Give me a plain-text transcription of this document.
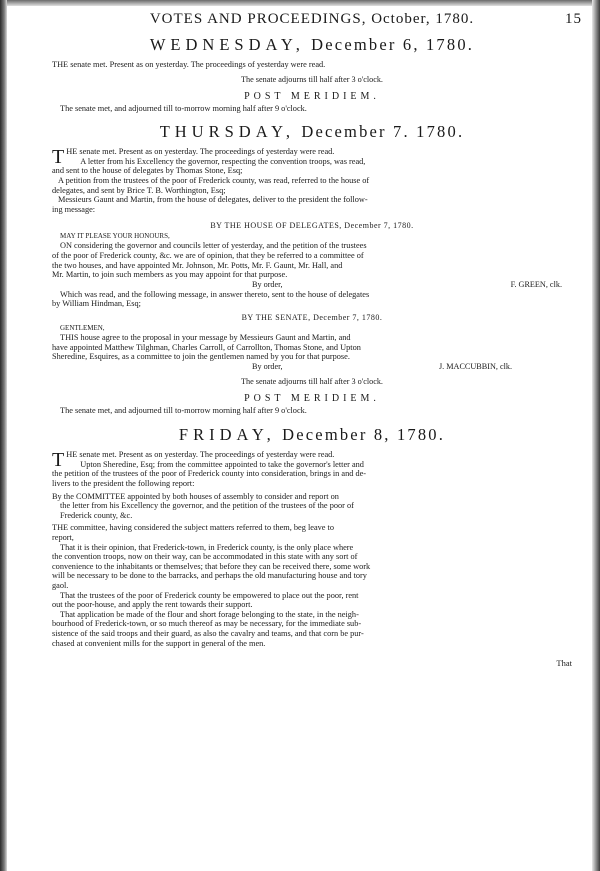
VOTES AND PROCEEDINGS, October, 1780.	15
WEDNESDAY, December 6, 1780.

THE senate met. Present as on yesterday. The proceedings of yesterday were read.

The senate adjourns till half after 3 o'clock.

POST MERIDIEM.

The senate met, and adjourned till to-morrow morning half after 9 o'clock.

THURSDAY, December 7. 1780.
T HE senate met. Present as on yesterday. The proceedings of yesterday were read.
A letter from his Excellency the governor, respecting the convention troops, was read,
and sent to the house of delegates by Thomas Stone, Esq;
A petition from the trustees of the poor of Frederick county, was read, referred to the house of
delegates, and sent by Brice T. B. Worthington, Esq;
Messieurs Gaunt and Martin, from the house of delegates, deliver to the president the follow-
ing message:

BY THE HOUSE OF DELEGATES, December 7, 1780.

MAY IT PLEASE YOUR HONOURS,

ON considering the governor and councils letter of yesterday, and the petition of the trustees
of the poor of Frederick county, &c. we are of opinion, that they be referred to a committee of
the two houses, and have appointed Mr. Johnson, Mr. Potts, Mr. F. Gaunt, Mr. Hall, and
Mr. Martin, to join such members as you may appoint for that purpose.
By order,	F. GREEN, clk.
Which was read, and the following message, in answer thereto, sent to the house of delegates
by William Hindman, Esq;

BY THE SENATE, December 7, 1780.

GENTLEMEN,

THIS house agree to the proposal in your message by Messieurs Gaunt and Martin, and
have appointed Matthew Tilghman, Charles Carroll, of Carrollton, Thomas Stone, and Upton
Sheredine, Esquires, as a committee to join the gentlemen named by you for that purpose.
By order,	J. MACCUBBIN, clk.

The senate adjourns till half after 3 o'clock.

POST MERIDIEM.

The senate met, and adjourned till to-morrow morning half after 9 o'clock.

FRIDAY, December 8, 1780.
T HE senate met. Present as on yesterday. The proceedings of yesterday were read.
Upton Sheredine, Esq; from the committee appointed to take the governor's letter and
the petition of the trustees of the poor of Frederick county into consideration, brings in and de-
livers to the president the following report:
By the COMMITTEE appointed by both houses of assembly to consider and report on
the letter from his Excellency the governor, and the petition of the trustees of the poor of
Frederick county, &c.
THE committee, having considered the subject matters referred to them, beg leave to
report,
That it is their opinion, that Frederick-town, in Frederick county, is the only place where
the convention troops, now on their way, can be accommodated in this state with any sort of
convenience to the inhabitants or themselves; that before they can be received there, some work
will be necessary to be done to the barracks, and perhaps the old manufacturing house and tory
gaol.
That the trustees of the poor of Frederick county be empowered to place out the poor, rent
out the poor-house, and apply the rent towards their support.
That application be made of the flour and short forage belonging to the state, in the neigh-
bourhood of Frederick-town, or so much thereof as may be necessary, for the immediate sub-
sistence of the said troops and their guard, as also the cavalry and teams, and that corn be pur-
chased at convenient mills for the support in general of the men.
That
